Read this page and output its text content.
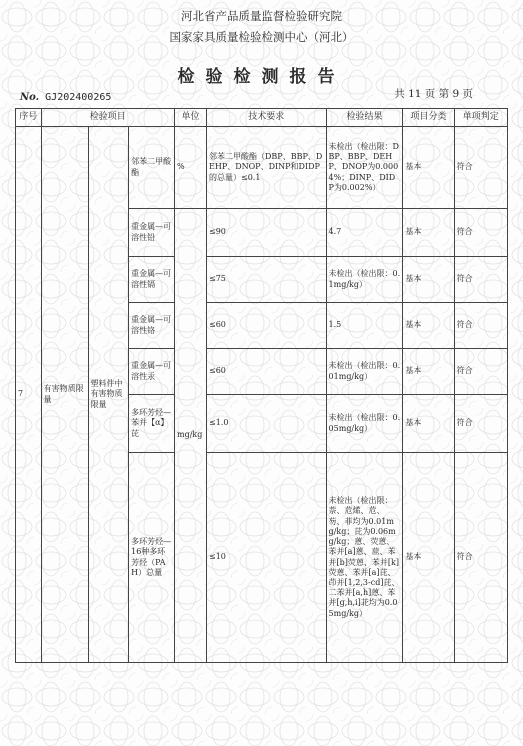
河北省产品质量监督检验研究院
国家家具质量检验检测中心（河北）
检验检测报告
No. GJ202400265	共 11 页 第 9 页
序号	检验项目			单位	技术要求	检验结果	项目分类	单项判定
7	有害物质限量	塑料件中有害物质限量	邻苯二甲酸酯	%	邻苯二甲酸酯（DBP、BBP、DEHP、DNOP、DINP和DIDP的总量）≤0.1	未检出（检出限：DBP、BBP、DEHP、DNOP为0.0004%；DINP、DIDP为0.002%）	基本	符合
			重金属—可溶性铅	mg/kg	≤90	4.7	基本	符合
			重金属—可溶性镉		≤75	未检出（检出限：0.1mg/kg）	基本	符合
			重金属—可溶性铬		≤60	1.5	基本	符合
			重金属—可溶性汞		≤60	未检出（检出限：0.01mg/kg）	基本	符合
			多环芳烃—苯并【α】芘		≤1.0	未检出（检出限：0.05mg/kg）	基本	符合
			多环芳烃—16种多环芳烃（PAH）总量		≤10	未检出（检出限：萘、苊烯、苊、芴、菲均为0.01mg/kg；芘为0.06mg/kg；蒽、荧蒽、苯并[a]蒽、䓛、苯并[b]荧蒽、苯并[k]荧蒽、苯并[a]芘、茚并[1,2,3-cd]芘、二苯并[a,h]蒽、苯并[g,h,i]苝均为0.05mg/kg）	基本	符合
